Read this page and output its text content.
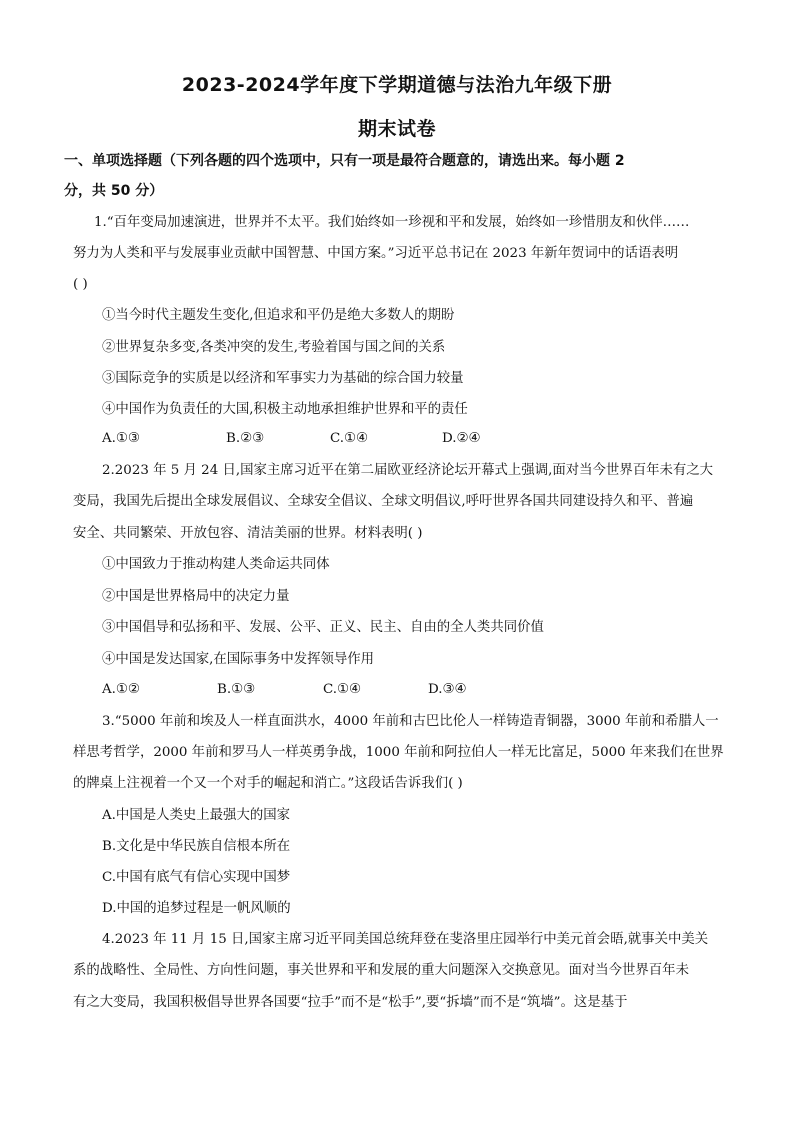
2023-2024学年度下学期道德与法治九年级下册
期末试卷
一、单项选择题（下列各题的四个选项中，只有一项是最符合题意的，请选出来。每小题 2
分，共 50 分）
1.“百年变局加速演进，世界并不太平。我们始终如一珍视和平和发展，始终如一珍惜朋友和伙伴……
努力为人类和平与发展事业贡献中国智慧、中国方案。”习近平总书记在 2023 年新年贺词中的话语表明
( )
①当今时代主题发生变化,但追求和平仍是绝大多数人的期盼
②世界复杂多变,各类冲突的发生,考验着国与国之间的关系
③国际竞争的实质是以经济和军事实力为基础的综合国力较量
④中国作为负责任的大国,积极主动地承担维护世界和平的责任
A.①③	B.②③	C.①④	D.②④
2.2023 年 5 月 24 日,国家主席习近平在第二届欧亚经济论坛开幕式上强调,面对当今世界百年未有之大
变局，我国先后提出全球发展倡议、全球安全倡议、全球文明倡议,呼吁世界各国共同建设持久和平、普遍
安全、共同繁荣、开放包容、清洁美丽的世界。材料表明( )
①中国致力于推动构建人类命运共同体
②中国是世界格局中的决定力量
③中国倡导和弘扬和平、发展、公平、正义、民主、自由的全人类共同价值
④中国是发达国家,在国际事务中发挥领导作用
A.①②	B.①③	C.①④	D.③④
3.“5000 年前和埃及人一样直面洪水，4000 年前和古巴比伦人一样铸造青铜器，3000 年前和希腊人一
样思考哲学，2000 年前和罗马人一样英勇争战，1000 年前和阿拉伯人一样无比富足，5000 年来我们在世界
的牌桌上注视着一个又一个对手的崛起和消亡。”这段话告诉我们( )
A.中国是人类史上最强大的国家
B.文化是中华民族自信根本所在
C.中国有底气有信心实现中国梦
D.中国的追梦过程是一帆风顺的
4.2023 年 11 月 15 日,国家主席习近平同美国总统拜登在斐洛里庄园举行中美元首会晤,就事关中美关
系的战略性、全局性、方向性问题，事关世界和平和发展的重大问题深入交换意见。面对当今世界百年未
有之大变局，我国积极倡导世界各国要“拉手”而不是“松手”,要“拆墙”而不是“筑墙”。这是基于
